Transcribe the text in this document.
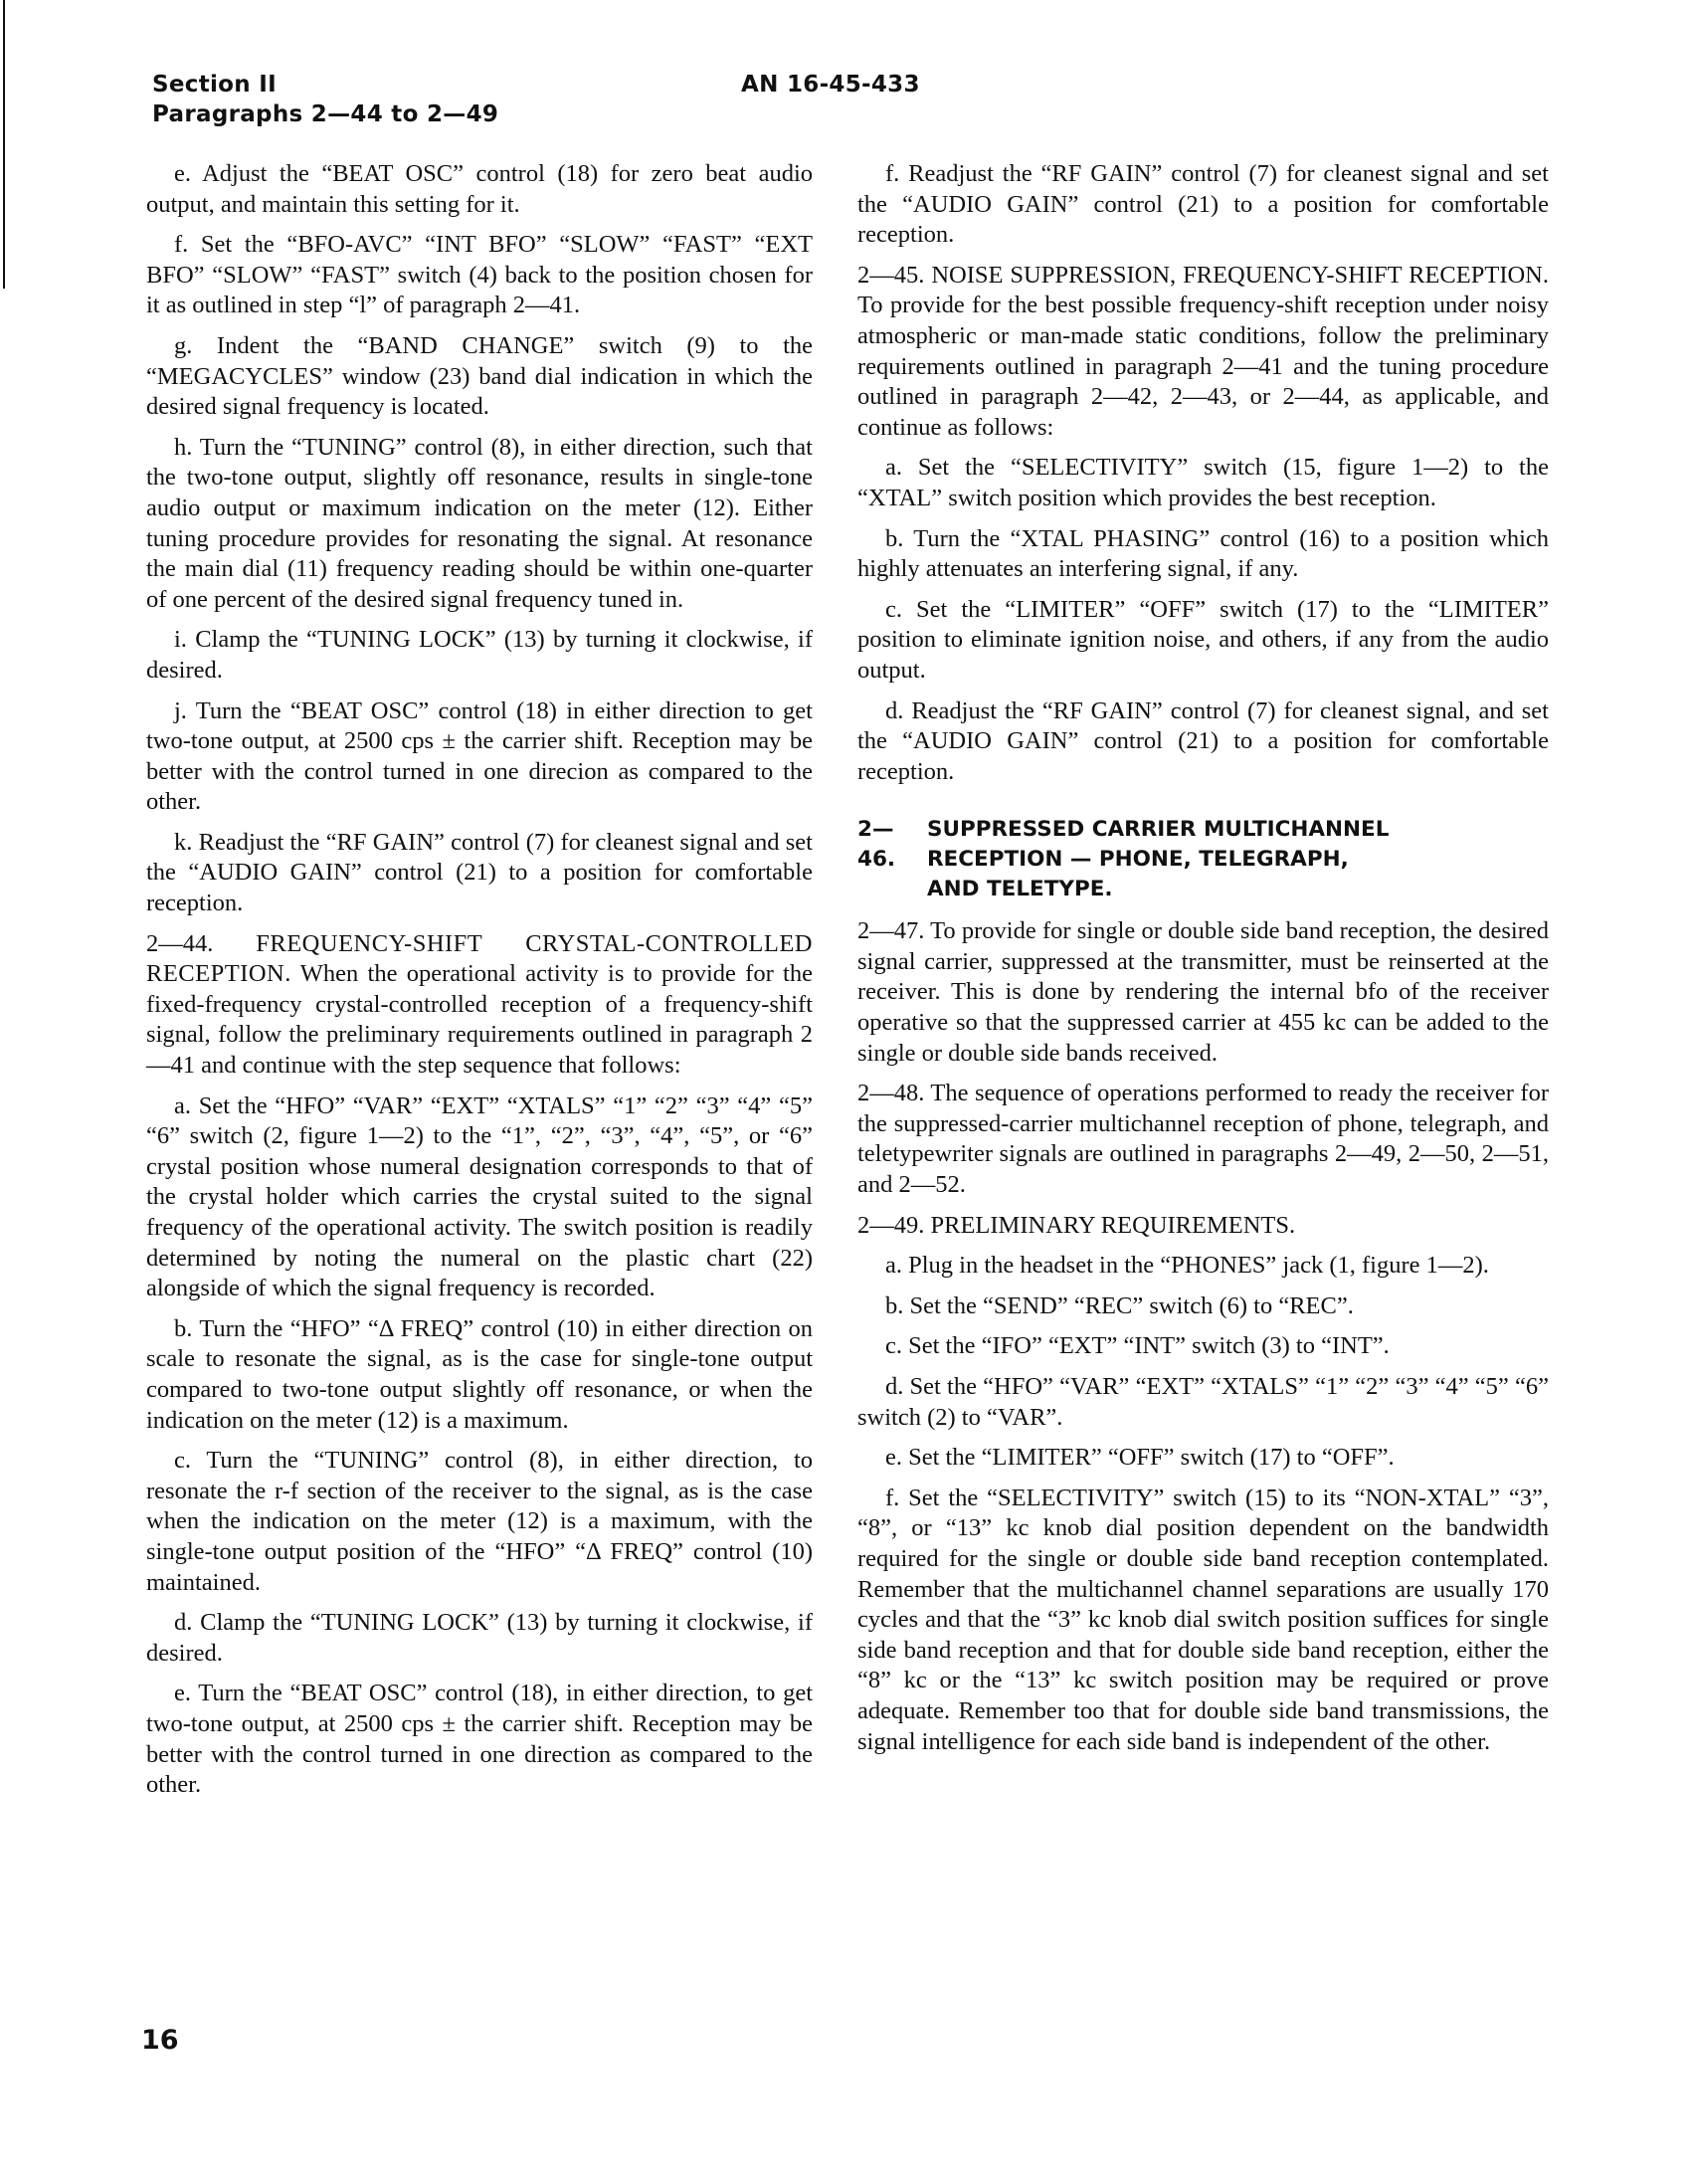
Section II
Paragraphs 2—44 to 2—49
AN 16-45-433

e. Adjust the “BEAT OSC” control (18) for zero beat audio output, and maintain this setting for it.

f. Set the “BFO-AVC” “INT BFO” “SLOW” “FAST” “EXT BFO” “SLOW” “FAST” switch (4) back to the position chosen for it as outlined in step “l” of paragraph 2—41.

g. Indent the “BAND CHANGE” switch (9) to the “MEGACYCLES” window (23) band dial indication in which the desired signal frequency is located.

h. Turn the “TUNING” control (8), in either direction, such that the two-tone output, slightly off resonance, results in single-tone audio output or maximum indication on the meter (12). Either tuning procedure provides for resonating the signal. At resonance the main dial (11) frequency reading should be within one-quarter of one percent of the desired signal frequency tuned in.

i. Clamp the “TUNING LOCK” (13) by turning it clockwise, if desired.

j. Turn the “BEAT OSC” control (18) in either direction to get two-tone output, at 2500 cps ± the carrier shift. Reception may be better with the control turned in one direcion as compared to the other.

k. Readjust the “RF GAIN” control (7) for cleanest signal and set the “AUDIO GAIN” control (21) to a position for comfortable reception.

2—44. FREQUENCY-SHIFT CRYSTAL-CONTROLLED RECEPTION. When the operational activity is to provide for the fixed-frequency crystal-controlled reception of a frequency-shift signal, follow the preliminary requirements outlined in paragraph 2—41 and continue with the step sequence that follows:

a. Set the “HFO” “VAR” “EXT” “XTALS” “1” “2” “3” “4” “5” “6” switch (2, figure 1—2) to the “1”, “2”, “3”, “4”, “5”, or “6” crystal position whose numeral designation corresponds to that of the crystal holder which carries the crystal suited to the signal frequency of the operational activity. The switch position is readily determined by noting the numeral on the plastic chart (22) alongside of which the signal frequency is recorded.

b. Turn the “HFO” “Δ FREQ” control (10) in either direction on scale to resonate the signal, as is the case for single-tone output compared to two-tone output slightly off resonance, or when the indication on the meter (12) is a maximum.

c. Turn the “TUNING” control (8), in either direction, to resonate the r-f section of the receiver to the signal, as is the case when the indication on the meter (12) is a maximum, with the single-tone output position of the “HFO” “Δ FREQ” control (10) maintained.

d. Clamp the “TUNING LOCK” (13) by turning it clockwise, if desired.

e. Turn the “BEAT OSC” control (18), in either direction, to get two-tone output, at 2500 cps ± the carrier shift. Reception may be better with the control turned in one direction as compared to the other.

f. Readjust the “RF GAIN” control (7) for cleanest signal and set the “AUDIO GAIN” control (21) to a position for comfortable reception.

2—45. NOISE SUPPRESSION, FREQUENCY-SHIFT RECEPTION. To provide for the best possible frequency-shift reception under noisy atmospheric or man-made static conditions, follow the preliminary requirements outlined in paragraph 2—41 and the tuning procedure outlined in paragraph 2—42, 2—43, or 2—44, as applicable, and continue as follows:

a. Set the “SELECTIVITY” switch (15, figure 1—2) to the “XTAL” switch position which provides the best reception.

b. Turn the “XTAL PHASING” control (16) to a position which highly attenuates an interfering signal, if any.

c. Set the “LIMITER” “OFF” switch (17) to the “LIMITER” position to eliminate ignition noise, and others, if any from the audio output.

d. Readjust the “RF GAIN” control (7) for cleanest signal, and set the “AUDIO GAIN” control (21) to a position for comfortable reception.

2—46.
SUPPRESSED CARRIER MULTICHANNEL
RECEPTION — PHONE, TELEGRAPH,
AND TELETYPE.

2—47. To provide for single or double side band reception, the desired signal carrier, suppressed at the transmitter, must be reinserted at the receiver. This is done by rendering the internal bfo of the receiver operative so that the suppressed carrier at 455 kc can be added to the single or double side bands received.

2—48. The sequence of operations performed to ready the receiver for the suppressed-carrier multichannel reception of phone, telegraph, and teletypewriter signals are outlined in paragraphs 2—49, 2—50, 2—51, and 2—52.

2—49. PRELIMINARY REQUIREMENTS.

a. Plug in the headset in the “PHONES” jack (1, figure 1—2).

b. Set the “SEND” “REC” switch (6) to “REC”.

c. Set the “IFO” “EXT” “INT” switch (3) to “INT”.

d. Set the “HFO” “VAR” “EXT” “XTALS” “1” “2” “3” “4” “5” “6” switch (2) to “VAR”.

e. Set the “LIMITER” “OFF” switch (17) to “OFF”.

f. Set the “SELECTIVITY” switch (15) to its “NON-XTAL” “3”, “8”, or “13” kc knob dial position dependent on the bandwidth required for the single or double side band reception contemplated. Remember that the multichannel channel separations are usually 170 cycles and that the “3” kc knob dial switch position suffices for single side band reception and that for double side band reception, either the “8” kc or the “13” kc switch position may be required or prove adequate. Remember too that for double side band transmissions, the signal intelligence for each side band is independent of the other.

16
